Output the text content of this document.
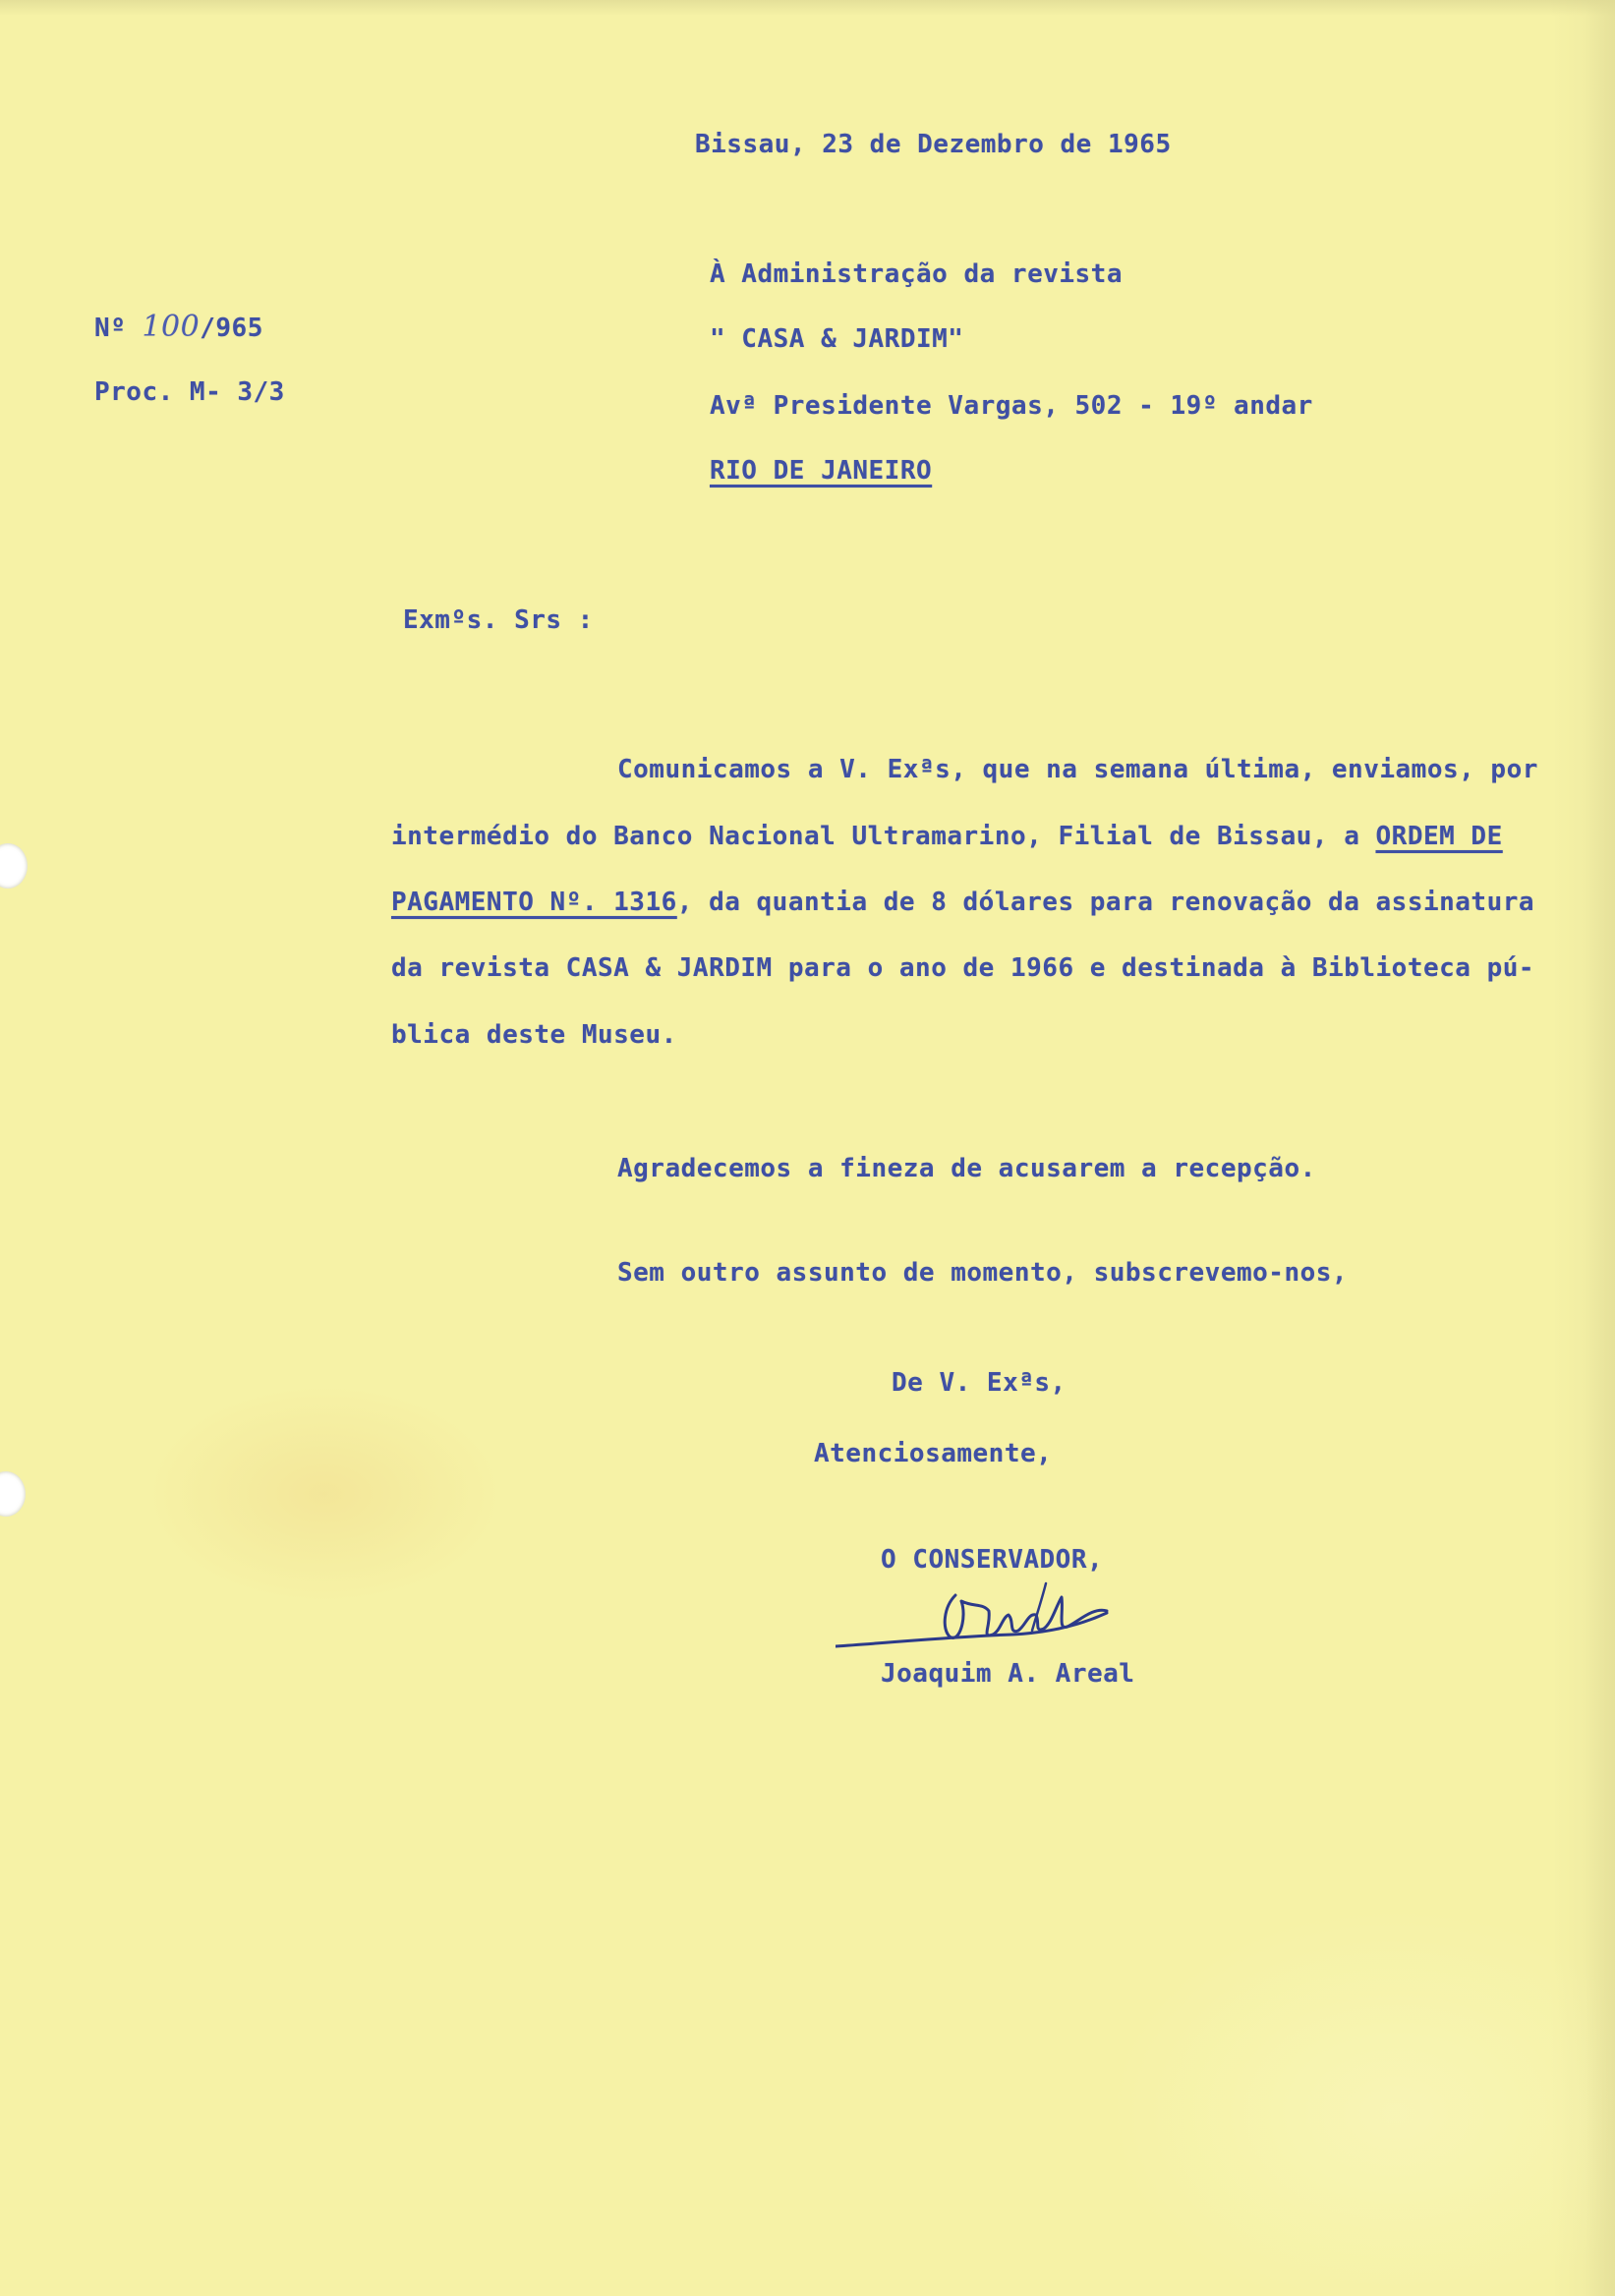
Bissau, 23 de Dezembro de 1965
Nº 100/965
Proc. M- 3/3
À Administração da revista
" CASA & JARDIM"
Avª Presidente Vargas, 502 - 19º andar
RIO DE JANEIRO
Exmºs. Srs :
Comunicamos a V. Exªs, que na semana última, enviamos, por
intermédio do Banco Nacional Ultramarino, Filial de Bissau, a ORDEM DE
PAGAMENTO Nº. 1316, da quantia de 8 dólares para renovação da assinatura
da revista CASA & JARDIM para o ano de 1966 e destinada à Biblioteca pú-
blica deste Museu.
Agradecemos a fineza de acusarem a recepção.
Sem outro assunto de momento, subscrevemo-nos,
De V. Exªs,
Atenciosamente,
O CONSERVADOR,
Joaquim A. Areal
